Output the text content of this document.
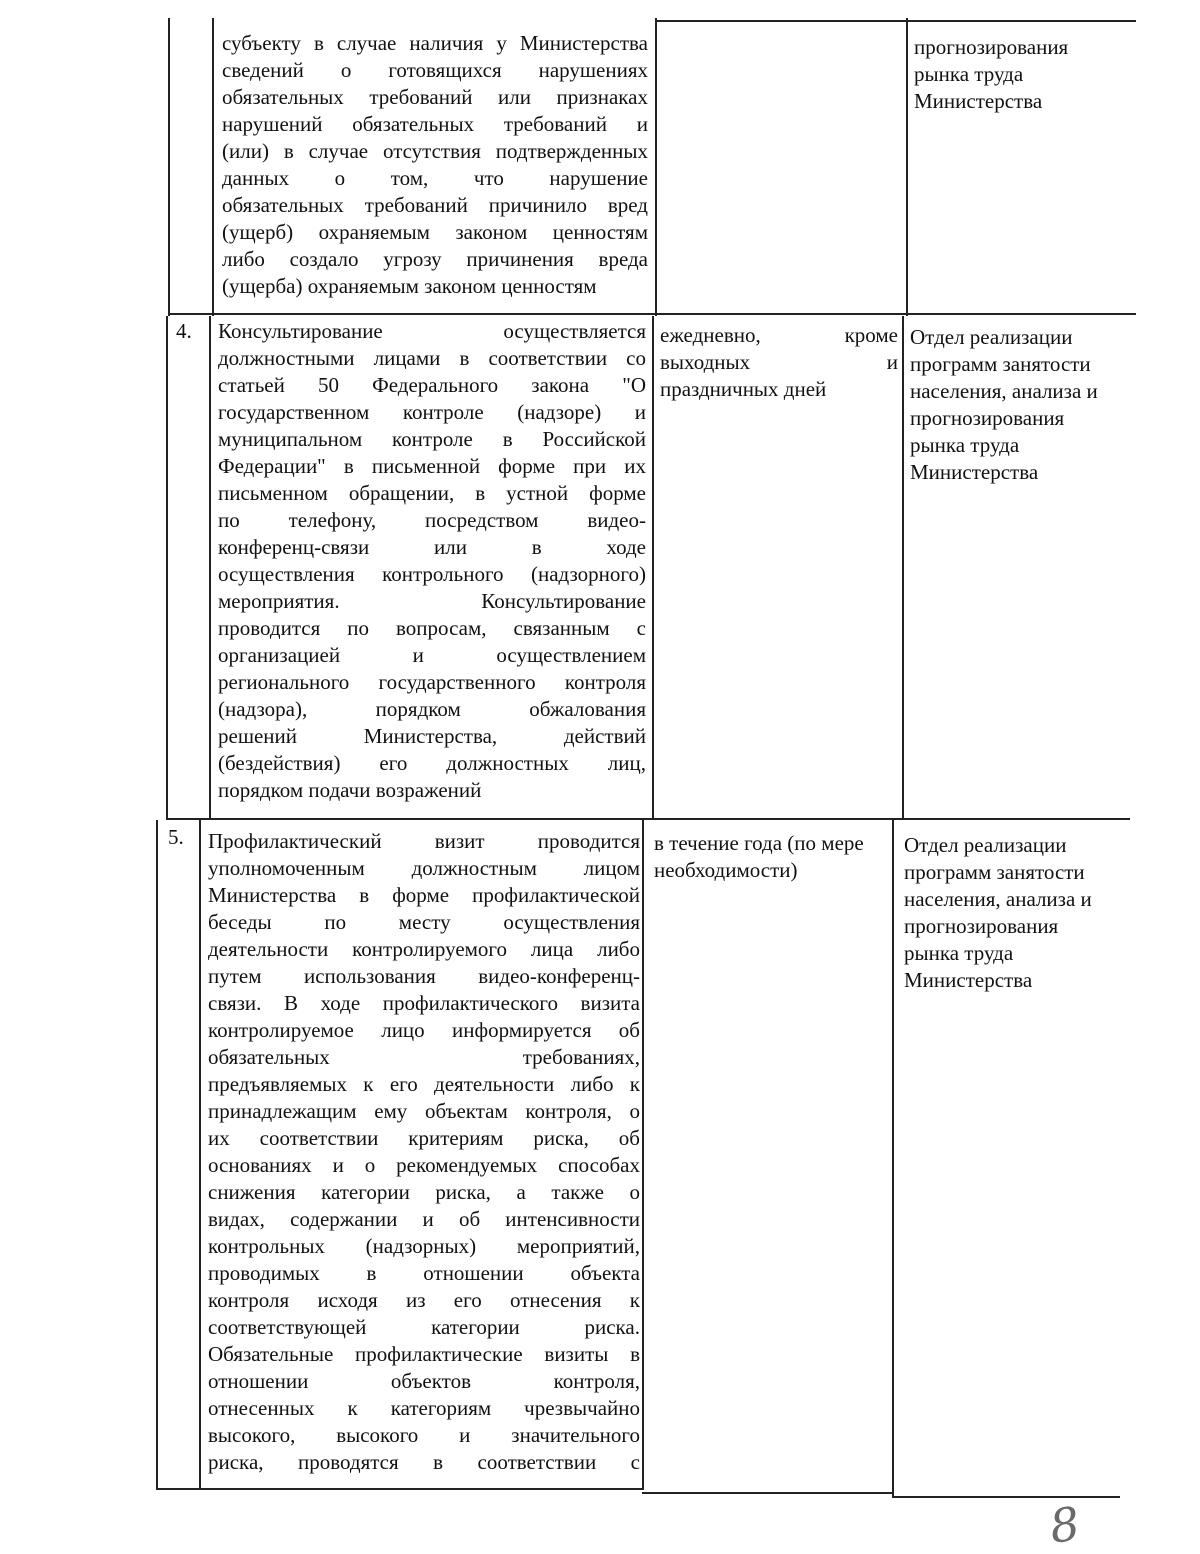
субъекту в случае наличия у Министерства

сведений о готовящихся нарушениях

обязательных требований или признаках

нарушений обязательных требований и

(или) в случае отсутствия подтвержденных

данных о том, что нарушение

обязательных требований причинило вред

(ущерб) охраняемым законом ценностям

либо создало угрозу причинения вреда

(ущерба) охраняемым законом ценностям

прогнозирования
рынка труда
Министерства
4. Консультирование осуществляется

должностными лицами в соответствии со

статьей 50 Федерального закона "О

государственном контроле (надзоре) и

муниципальном контроле в Российской

Федерации" в письменной форме при их

письменном обращении, в устной форме

по телефону, посредством видео-

конференц-связи или в ходе

осуществления контрольного (надзорного)

мероприятия. Консультирование

проводится по вопросам, связанным с

организацией и осуществлением

регионального государственного контроля

(надзора), порядком обжалования

решений Министерства, действий

(бездействия) его должностных лиц,

порядком подачи возражений

ежедневно, кроме

выходных и

праздничных дней

Отдел реализации
программ занятости
населения, анализа и
прогнозирования
рынка труда
Министерства
5. Профилактический визит проводится

уполномоченным должностным лицом

Министерства в форме профилактической

беседы по месту осуществления

деятельности контролируемого лица либо

путем использования видео-конференц-

связи. В ходе профилактического визита

контролируемое лицо информируется об

обязательных требованиях,

предъявляемых к его деятельности либо к

принадлежащим ему объектам контроля, о

их соответствии критериям риска, об

основаниях и о рекомендуемых способах

снижения категории риска, а также о

видах, содержании и об интенсивности

контрольных (надзорных) мероприятий,

проводимых в отношении объекта

контроля исходя из его отнесения к

соответствующей категории риска.

Обязательные профилактические визиты в

отношении объектов контроля,

отнесенных к категориям чрезвычайно

высокого, высокого и значительного

риска, проводятся в соответствии с

в течение года (по мере

необходимости)

Отдел реализации
программ занятости
населения, анализа и
прогнозирования
рынка труда
Министерства
8
